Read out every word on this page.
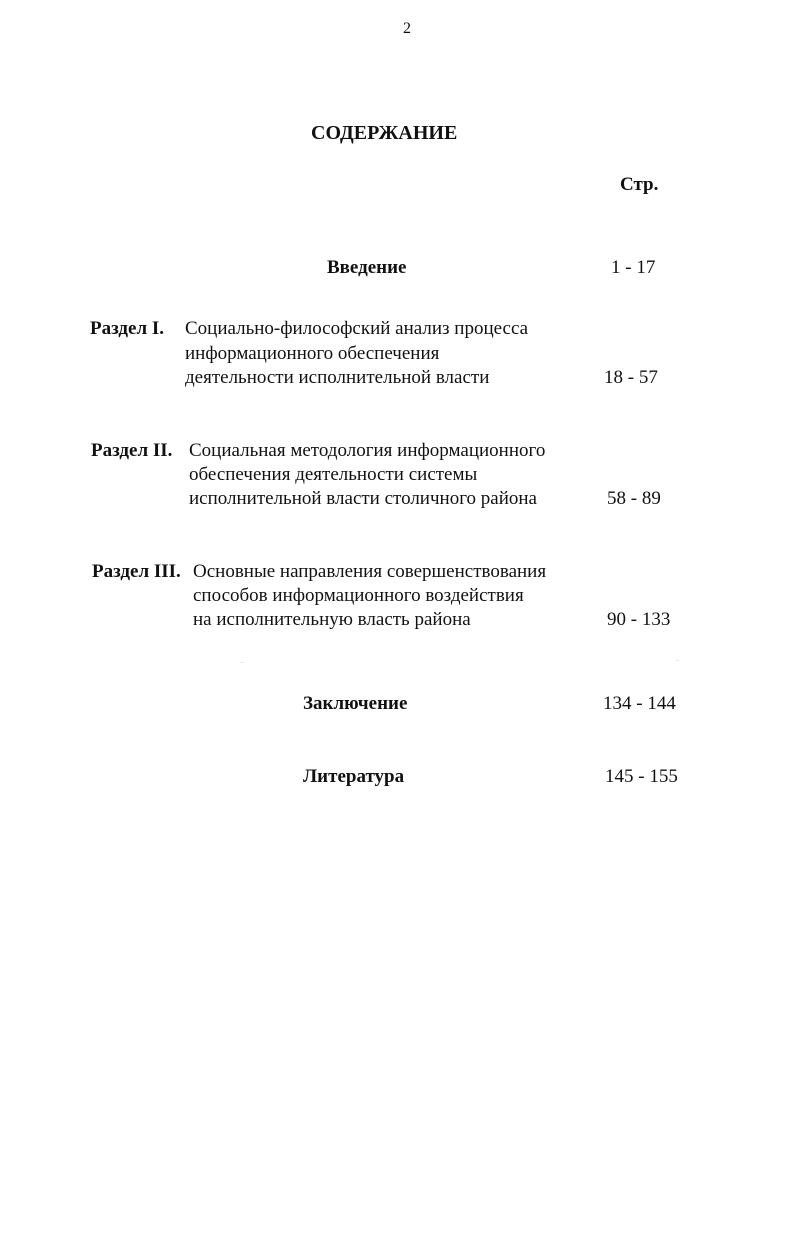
2
СОДЕРЖАНИЕ
Стр.
Введение	1 - 17
Раздел I. Социально-философский анализ процесса
информационного обеспечения
деятельности исполнительной власти	18 - 57
Раздел II. Социальная методология информационного
обеспечения деятельности системы
исполнительной власти столичного района	58 - 89
Раздел III. Основные направления совершенствования
способов информационного воздействия
на исполнительную власть района	90 - 133
Заключение	134 - 144
Литература	145 - 155
